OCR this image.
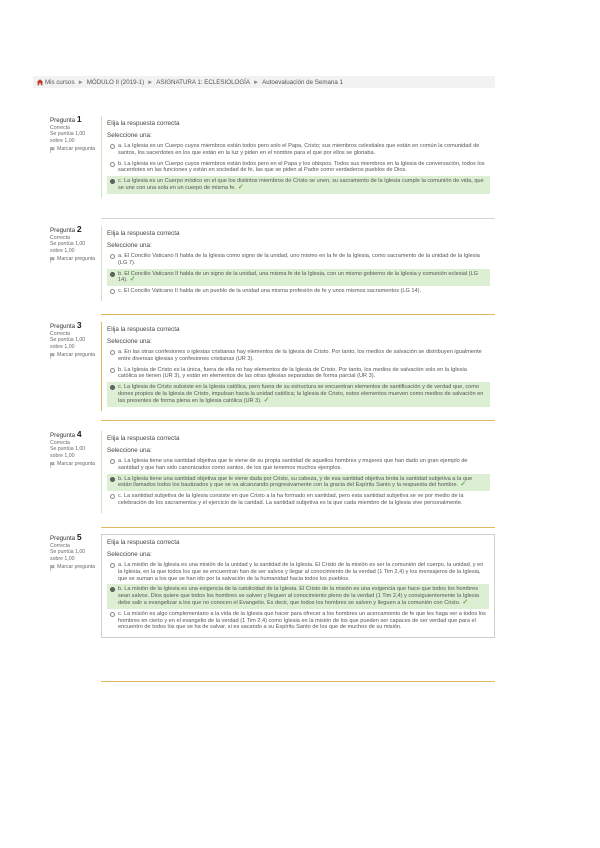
Mis cursos ► MÓDULO II (2019-1) ► ASIGNATURA 1: ECLESIOLOGÍA ► Autoevaluación de Semana 1
Pregunta 1
Correcta
Se puntúa 1,00 sobre 1,00
Marcar pregunta
Elija la respuesta correcta
Seleccione una:
a. La Iglesia es un Cuerpo cuyos miembros están todos pero solo el Papa, Cristo; sus miembros celestiales que están en común la comunidad de santos, los sacerdotes en los que están en la luz y piden en el nombre para el que por ellos se gloriaba.
b. La Iglesia es un Cuerpo cuyos miembros están todos pero en el Papa y los obispos. Todos sus miembros en la Iglesia de conversación, todos los sacerdotes en las funciones y están en sociedad de fe, las que se piden al Padre como verdaderos pueblos de Dios.
c. La Iglesia es un Cuerpo místico en el que los distintos miembros de Cristo se unen, su sacramento de la Iglesia cumple la comunión de vida, que se une con una sola en un cuerpo de misma fe. ✓
Pregunta 2
Correcta
Se puntúa 1,00 sobre 1,00
Marcar pregunta
Elija la respuesta correcta
Seleccione una:
a. El Concilio Vaticano II habla de la Iglesia como signo de la unidad, uno mismo en la fe de la Iglesia, como sacramento de la unidad de la Iglesia (LG 7).
b. El Concilio Vaticano II habla de un signo de la unidad, una misma fe de la Iglesia, con un mismo gobierno de la Iglesia y comunión eclesial (LG 14). ✓
c. El Concilio Vaticano II habla de un pueblo de la unidad una misma profesión de fe y unos mismos sacramentos (LG 14).
Pregunta 3
Correcta
Se puntúa 1,00 sobre 1,00
Marcar pregunta
Elija la respuesta correcta
Seleccione una:
a. En las otras confesiones o iglesias cristianas hay elementos de la Iglesia de Cristo. Por tanto, los medios de salvación se distribuyen igualmente entre diversas iglesias y confesiones cristianas (UR 3).
b. La Iglesia de Cristo es la única, fuera de ella no hay elementos de la Iglesia de Cristo. Por tanto, los medios de salvación solo en la Iglesia católica se tienen (UR 3), y están en elementos de las otras iglesias separadas de forma parcial (UR 3).
c. La Iglesia de Cristo subsiste en la Iglesia católica, pero fuera de su estructura se encuentran elementos de santificación y de verdad que, como dones propios de la Iglesia de Cristo, impulsan hacia la unidad católica; la Iglesia de Cristo, estos elementos mueven como medios de salvación en las presentes de forma plena en la Iglesia católica (UR 3). ✓
Pregunta 4
Correcta
Se puntúa 1,00 sobre 1,00
Marcar pregunta
Elija la respuesta correcta
Seleccione una:
a. La Iglesia tiene una santidad objetiva que le viene de su propia santidad de aquellos hombres y mujeres que han dado un gran ejemplo de santidad y que han sido canonizados como santos, de los que tenemos muchos ejemplos.
b. La Iglesia tiene una santidad objetiva que le viene dada por Cristo, su cabeza, y de esa santidad objetiva brota la santidad subjetiva a la que están llamados todos los bautizados y que se va alcanzando progresivamente con la gracia del Espíritu Santo y la respuesta del hombre. ✓
c. La santidad subjetiva de la Iglesia consiste en que Cristo a la ha formado en santidad, pero esta santidad subjetiva se ve por medio de la celebración de los sacramentos y el ejercicio de la caridad. La santidad subjetiva es la que cada miembro de la Iglesia vive personalmente.
Pregunta 5
Correcta
Se puntúa 1,00 sobre 1,00
Marcar pregunta
Elija la respuesta correcta
Seleccione una:
a. La misión de la Iglesia es una misión de la unidad y la santidad de la Iglesia. El Cristo de la misión es ser la comunión del cuerpo, la unidad, y en la Iglesia, en la que todos los que se encuentran han de ser salvos y llegar al conocimiento de la verdad (1 Tim 2,4) y los mensajeros de la Iglesia, que se suman a los que se han ido por la salvación de la humanidad hacia todos los pueblos.
b. La misión de la Iglesia es una exigencia de la catolicidad de la Iglesia. El Cristo de la misión es una exigencia que hace que todos los hombres sean salvos. Dios quiere que todos los hombres se salven y lleguen al conocimiento pleno de la verdad (1 Tim 2,4) y consiguientemente la Iglesia debe salir a evangelizar a los que no conocen el Evangelio. Es decir, que todos los hombres se salven y lleguen a la comunión con Cristo. ✓
c. La misión es algo complementario a la vida de la Iglesia que hacer para ofrecer a los hombres un acercamiento de fe que les haga ver a todos los hombres en cierto y en el evangelio de la verdad (1 Tim 2,4) como Iglesia en la misión de los que pueden ser capaces de ser verdad que para el encuentro de todos los que se ha de salvar, si es sacando a su Espíritu Santo de los que de muchos de su misión.
